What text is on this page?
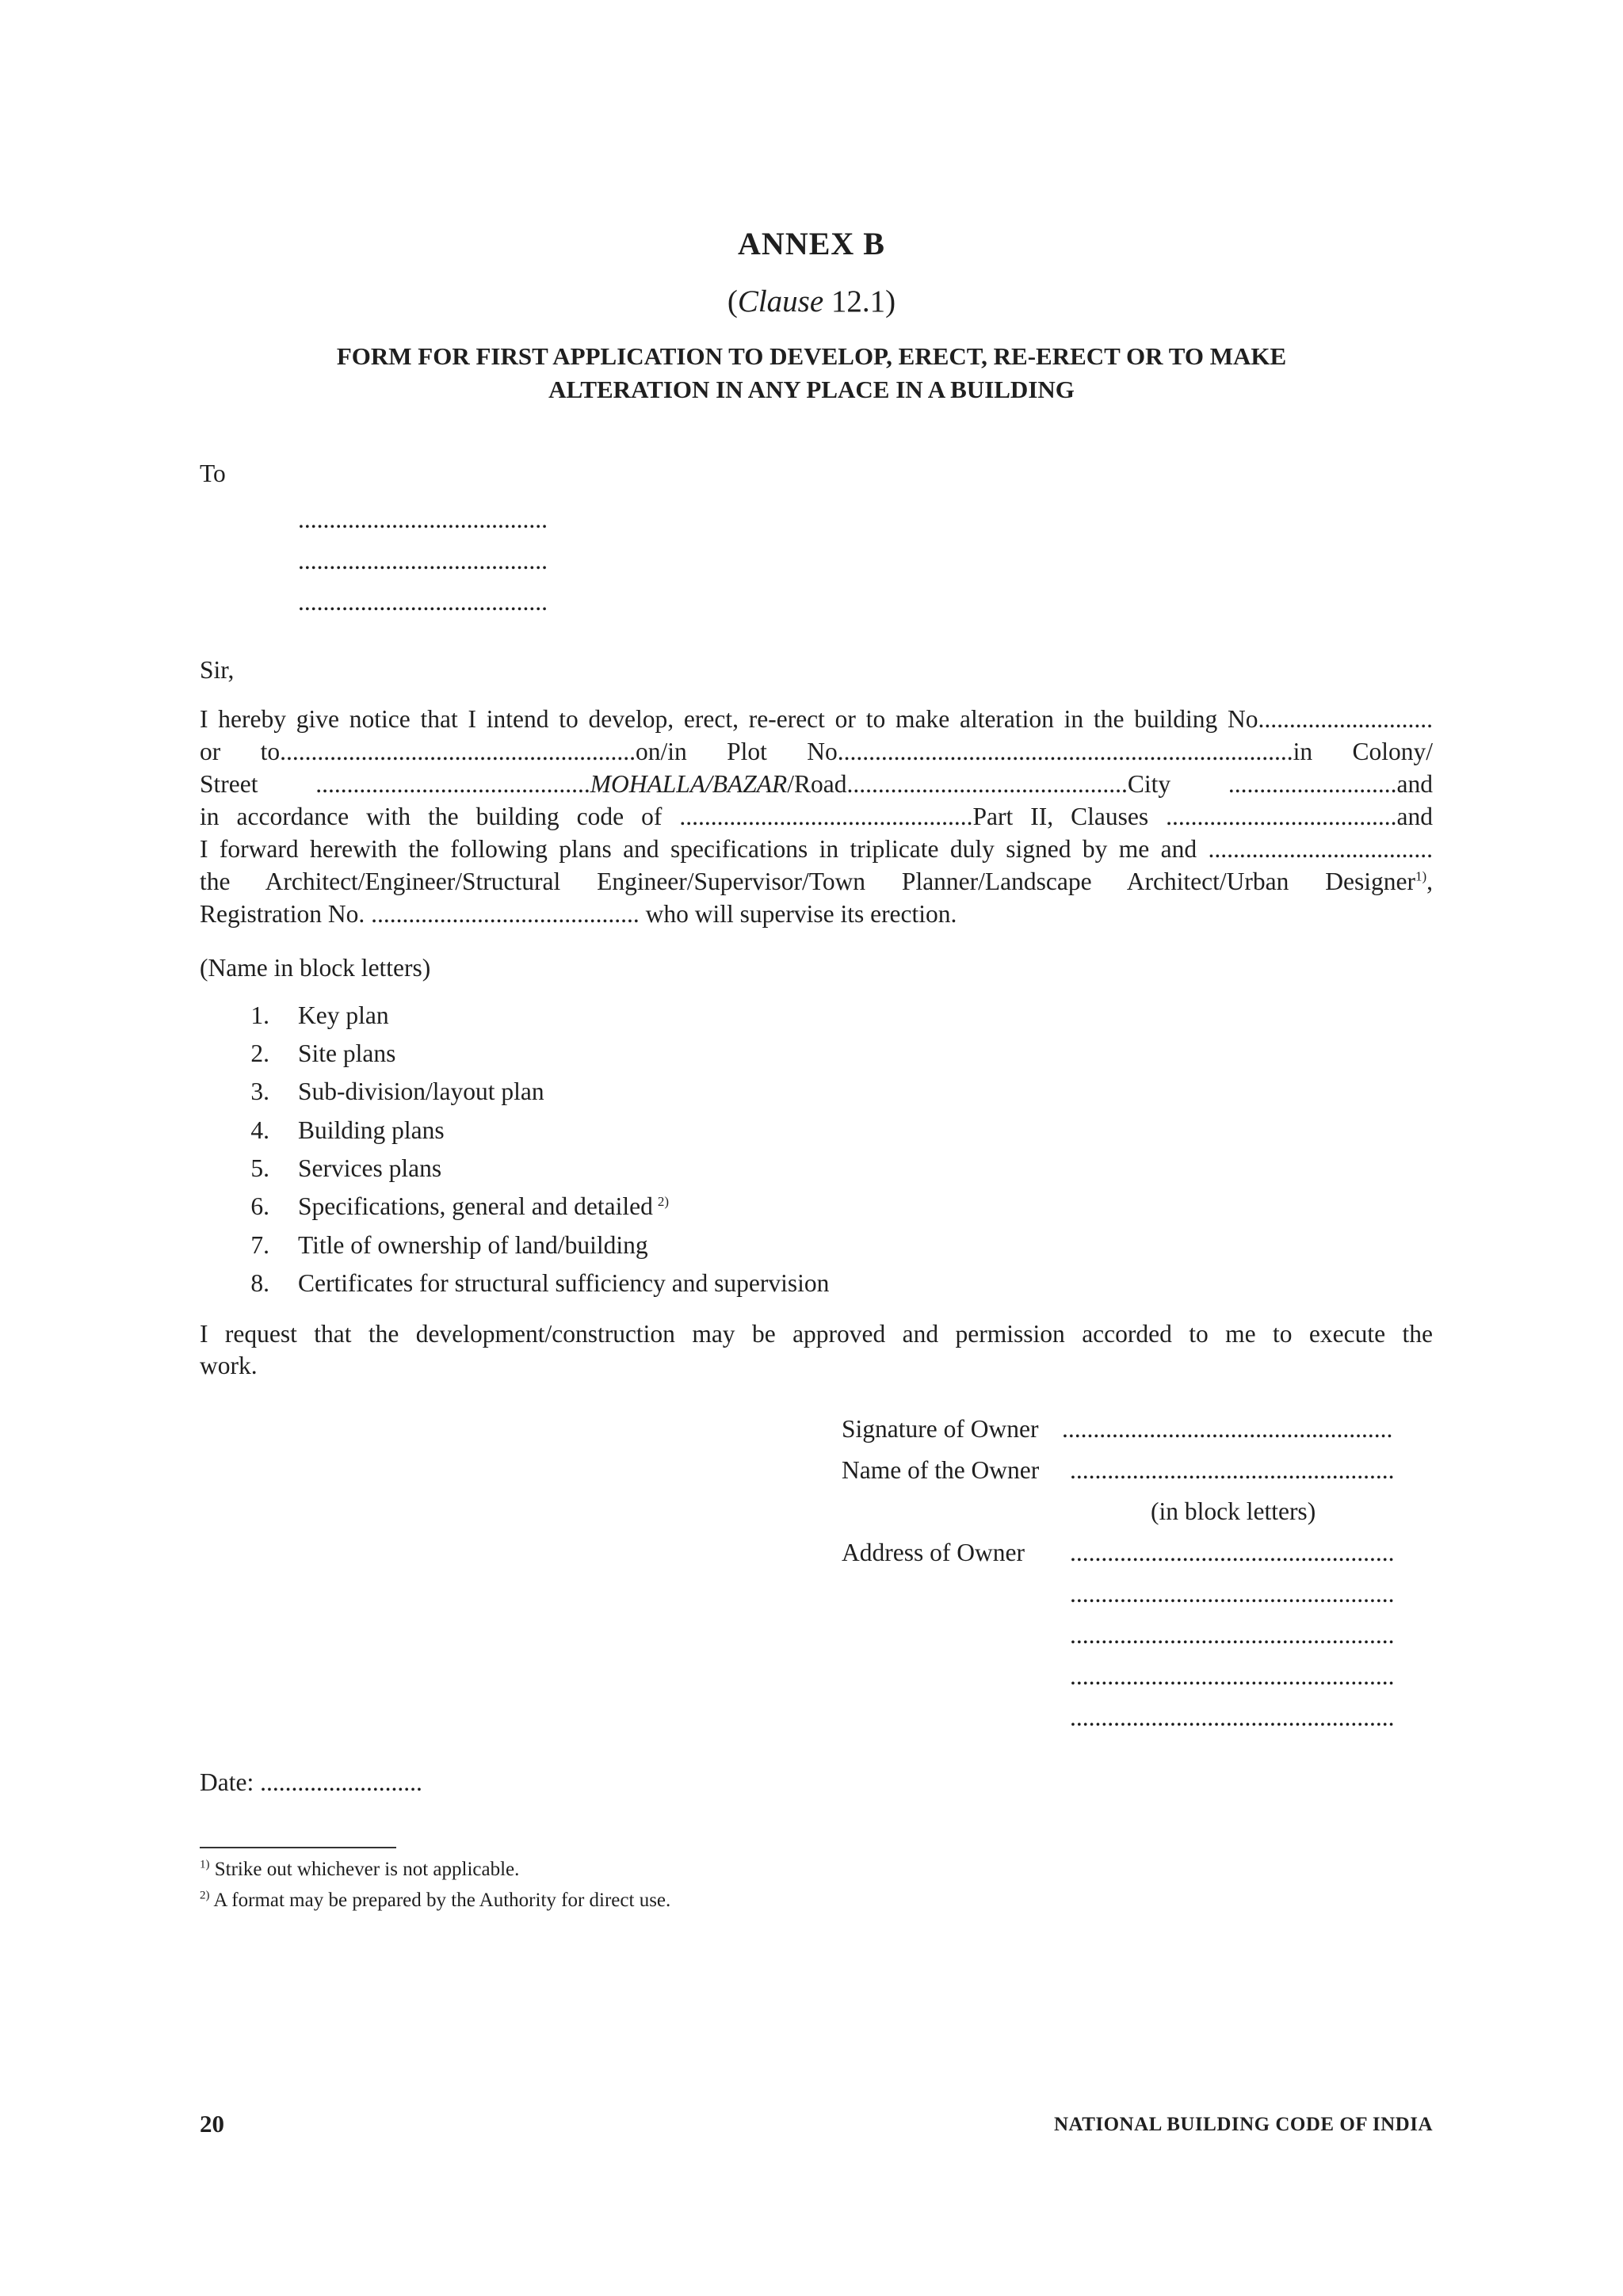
ANNEX B
(Clause 12.1)
FORM FOR FIRST APPLICATION TO DEVELOP, ERECT, RE-ERECT OR TO MAKE
ALTERATION IN ANY PLACE IN A BUILDING
To
........................................
........................................
........................................
Sir,
I hereby give notice that I intend to develop, erect, re-erect or to make alteration in the building No............................
or to.........................................................on/in Plot No.........................................................................in Colony/
Street ............................................MOHALLA/BAZAR/Road.............................................City ...........................and
in accordance with the building code of ...............................................Part II, Clauses .....................................and
I forward herewith the following plans and specifications in triplicate duly signed by me and ....................................
the Architect/Engineer/Structural Engineer/Supervisor/Town Planner/Landscape Architect/Urban Designer$^{1)}$,
Registration No. ........................................... who will supervise its erection.
(Name in block letters)
1. Key plan
2. Site plans
3. Sub-division/layout plan
4. Building plans
5. Services plans
6. Specifications, general and detailed $^{2)}$
7. Title of ownership of land/building
8. Certificates for structural sufficiency and supervision
I request that the development/construction may be approved and permission accorded to me to execute the
work.
Signature of Owner .....................................................
Name of the Owner ....................................................
(in block letters)
Address of Owner ....................................................
....................................................
....................................................
....................................................
....................................................
Date: ..........................
$^{1)}$ Strike out whichever is not applicable.
$^{2)}$ A format may be prepared by the Authority for direct use.
20	NATIONAL BUILDING CODE OF INDIA
